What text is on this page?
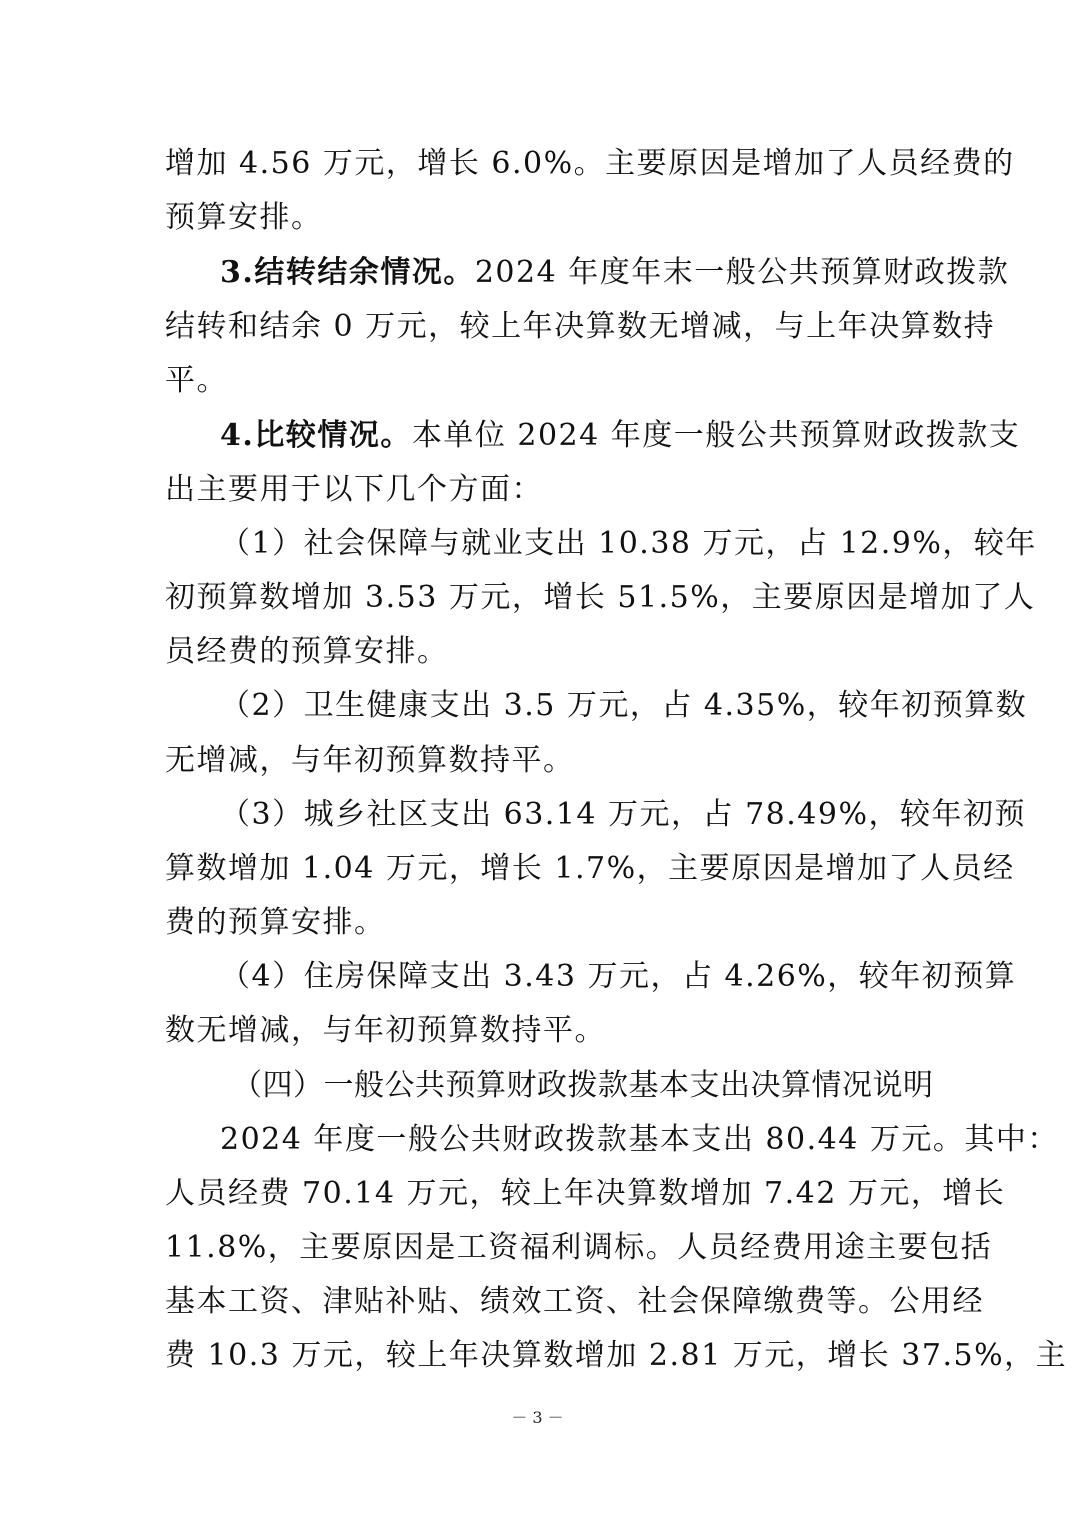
增加 4.56 万元，增长 6.0%。主要原因是增加了人员经费的
预算安排。
3.结转结余情况。2024 年度年末一般公共预算财政拨款
结转和结余 0 万元，较上年决算数无增减，与上年决算数持
平。
4.比较情况。本单位 2024 年度一般公共预算财政拨款支
出主要用于以下几个方面：
（1）社会保障与就业支出 10.38 万元，占 12.9%，较年
初预算数增加 3.53 万元，增长 51.5%，主要原因是增加了人
员经费的预算安排。
（2）卫生健康支出 3.5 万元，占 4.35%，较年初预算数
无增减，与年初预算数持平。
（3）城乡社区支出 63.14 万元，占 78.49%，较年初预
算数增加 1.04 万元，增长 1.7%，主要原因是增加了人员经
费的预算安排。
（4）住房保障支出 3.43 万元，占 4.26%，较年初预算
数无增减，与年初预算数持平。
（四）一般公共预算财政拨款基本支出决算情况说明
2024 年度一般公共财政拨款基本支出 80.44 万元。其中：
人员经费 70.14 万元，较上年决算数增加 7.42 万元，增长
11.8%，主要原因是工资福利调标。人员经费用途主要包括
基本工资、津贴补贴、绩效工资、社会保障缴费等。公用经
费 10.3 万元，较上年决算数增加 2.81 万元，增长 37.5%，主
－ 3 －
